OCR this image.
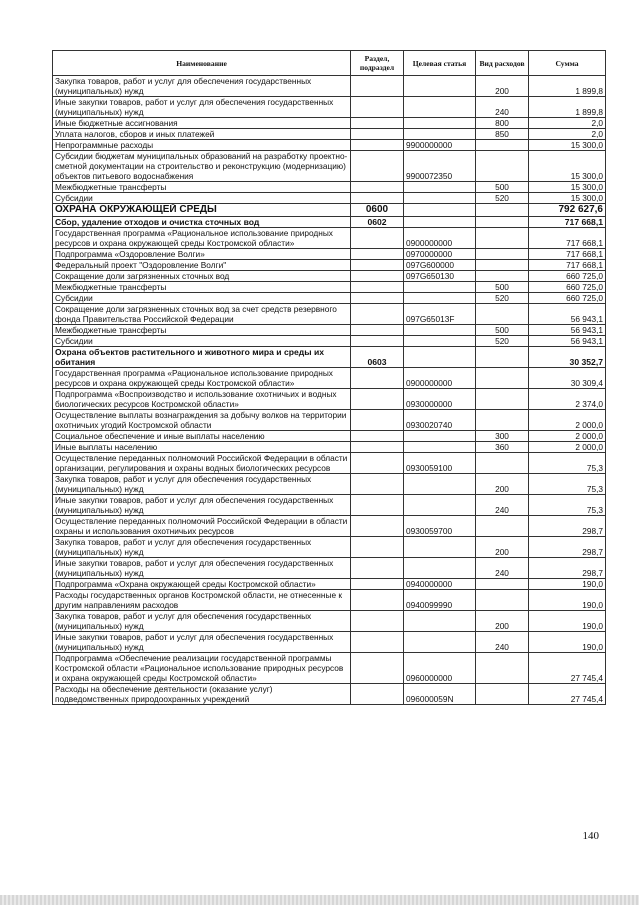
Наименование	Раздел, подраздел	Целевая статья	Вид расходов	Сумма
Закупка товаров, работ и услуг для обеспечения государственных (муниципальных) нужд			200	1 899,8
Иные закупки товаров, работ и услуг для обеспечения государственных (муниципальных) нужд			240	1 899,8
Иные бюджетные ассигнования			800	2,0
Уплата налогов, сборов и иных платежей			850	2,0
Непрограммные расходы		9900000000		15 300,0
Субсидии бюджетам муниципальных образований на разработку проектно-сметной документации на строительство и реконструкцию (модернизацию) объектов питьевого водоснабжения		9900072350		15 300,0
Межбюджетные трансферты			500	15 300,0
Субсидии			520	15 300,0
ОХРАНА ОКРУЖАЮЩЕЙ СРЕДЫ	0600			792 627,6
Сбор, удаление отходов и очистка сточных вод	0602			717 668,1
Государственная программа «Рациональное использование природных ресурсов и охрана окружающей среды Костромской области»		0900000000		717 668,1
Подпрограмма «Оздоровление Волги»		0970000000		717 668,1
Федеральный проект "Оздоровление Волги"		097G600000		717 668,1
Сокращение доли загрязненных сточных вод		097G650130		660 725,0
Межбюджетные трансферты			500	660 725,0
Субсидии			520	660 725,0
Сокращение доли загрязненных сточных вод за счет средств резервного фонда Правительства Российской Федерации		097G65013F		56 943,1
Межбюджетные трансферты			500	56 943,1
Субсидии			520	56 943,1
Охрана объектов растительного и животного мира и среды их обитания	0603			30 352,7
Государственная программа «Рациональное использование природных ресурсов и охрана окружающей среды Костромской области»		0900000000		30 309,4
Подпрограмма «Воспроизводство и использование охотничьих и водных биологических ресурсов Костромской области»		0930000000		2 374,0
Осуществление выплаты вознаграждения за добычу волков на территории охотничьих угодий Костромской области		0930020740		2 000,0
Социальное обеспечение и иные выплаты населению			300	2 000,0
Иные выплаты населению			360	2 000,0
Осуществление переданных полномочий Российской Федерации в области организации, регулирования и охраны водных биологических ресурсов		0930059100		75,3
Закупка товаров, работ и услуг для обеспечения государственных (муниципальных) нужд			200	75,3
Иные закупки товаров, работ и услуг для обеспечения государственных (муниципальных) нужд			240	75,3
Осуществление переданных полномочий Российской Федерации в области охраны и использования охотничьих ресурсов		0930059700		298,7
Закупка товаров, работ и услуг для обеспечения государственных (муниципальных) нужд			200	298,7
Иные закупки товаров, работ и услуг для обеспечения государственных (муниципальных) нужд			240	298,7
Подпрограмма «Охрана окружающей среды Костромской области»		0940000000		190,0
Расходы государственных органов Костромской области, не отнесенные к другим направлениям расходов		0940099990		190,0
Закупка товаров, работ и услуг для обеспечения государственных (муниципальных) нужд			200	190,0
Иные закупки товаров, работ и услуг для обеспечения государственных (муниципальных) нужд			240	190,0
Подпрограмма «Обеспечение реализации государственной программы Костромской области «Рациональное использование природных ресурсов и охрана окружающей среды Костромской области»		0960000000		27 745,4
Расходы на обеспечение деятельности (оказание услуг) подведомственных природоохранных учреждений		096000059N		27 745,4
140
